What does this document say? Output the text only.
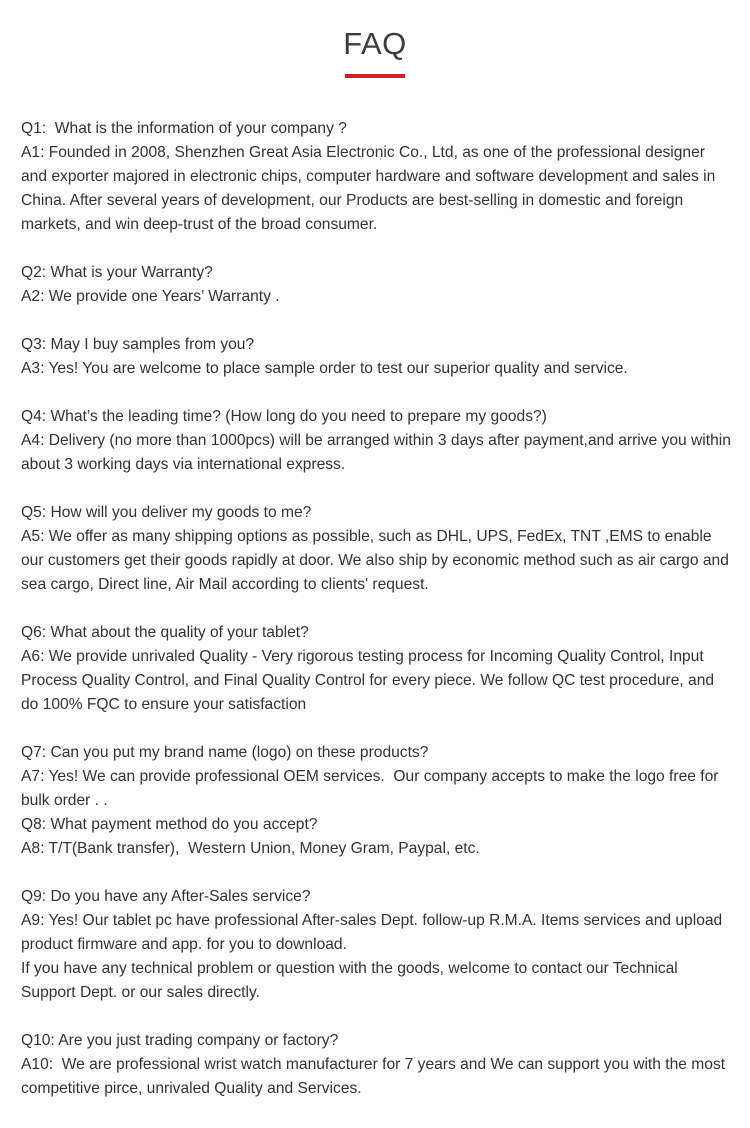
FAQ
Q1:  What is the information of your company ?
A1: Founded in 2008, Shenzhen Great Asia Electronic Co., Ltd, as one of the professional designer and exporter majored in electronic chips, computer hardware and software development and sales in China. After several years of development, our Products are best-selling in domestic and foreign markets, and win deep-trust of the broad consumer.
Q2: What is your Warranty?
A2: We provide one Years’ Warranty .
Q3: May I buy samples from you?
A3: Yes! You are welcome to place sample order to test our superior quality and service.
Q4: What’s the leading time? (How long do you need to prepare my goods?)
A4: Delivery (no more than 1000pcs) will be arranged within 3 days after payment,and arrive you within about 3 working days via international express.
Q5: How will you deliver my goods to me?
A5: We offer as many shipping options as possible, such as DHL, UPS, FedEx, TNT ,EMS to enable our customers get their goods rapidly at door. We also ship by economic method such as air cargo and sea cargo, Direct line, Air Mail according to clients' request.
Q6: What about the quality of your tablet?
A6: We provide unrivaled Quality - Very rigorous testing process for Incoming Quality Control, Input Process Quality Control, and Final Quality Control for every piece. We follow QC test procedure, and do 100% FQC to ensure your satisfaction
Q7: Can you put my brand name (logo) on these products?
A7: Yes! We can provide professional OEM services.  Our company accepts to make the logo free for bulk order . .
Q8: What payment method do you accept?
A8: T/T(Bank transfer),  Western Union, Money Gram, Paypal, etc.
Q9: Do you have any After-Sales service?
A9: Yes! Our tablet pc have professional After-sales Dept. follow-up R.M.A. Items services and upload product firmware and app. for you to download.
If you have any technical problem or question with the goods, welcome to contact our Technical Support Dept. or our sales directly.
Q10: Are you just trading company or factory?
A10:  We are professional wrist watch manufacturer for 7 years and We can support you with the most competitive pirce, unrivaled Quality and Services.
